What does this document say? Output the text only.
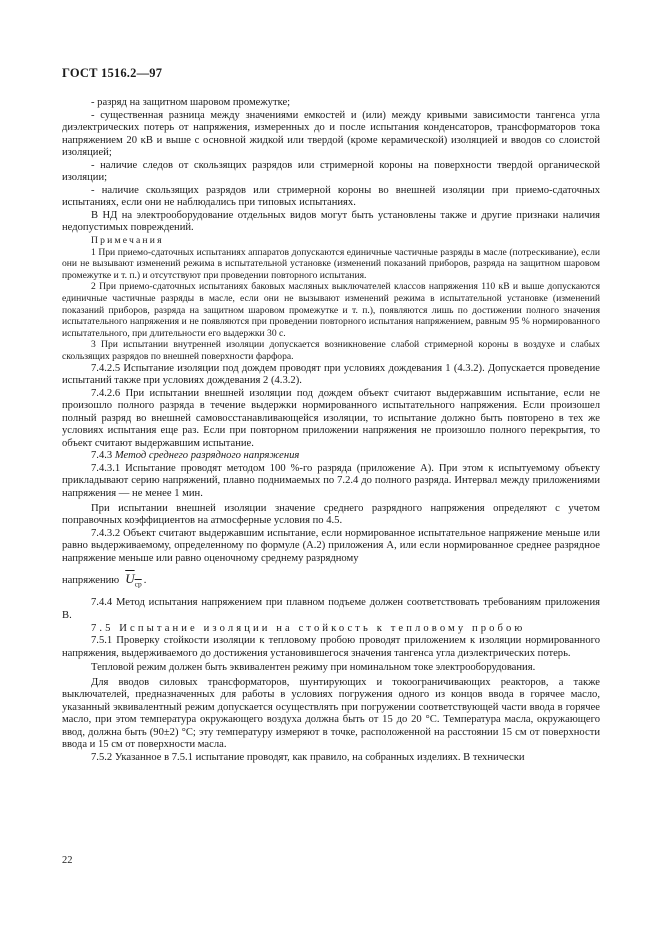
ГОСТ 1516.2—97

- разряд на защитном шаровом промежутке;

- существенная разница между значениями емкостей и (или) между кривыми зависимости тангенса угла диэлектрических потерь от напряжения, измеренных до и после испытания конденсаторов, трансформаторов тока напряжением 20 кВ и выше с основной жидкой или твердой (кроме керамической) изоляцией и вводов со слоистой изоляцией;

- наличие следов от скользящих разрядов или стримерной короны на поверхности твердой органической изоляции;

- наличие скользящих разрядов или стримерной короны во внешней изоляции при приемо-сдаточных испытаниях, если они не наблюдались при типовых испытаниях.

В НД на электрооборудование отдельных видов могут быть установлены также и другие признаки наличия недопустимых повреждений.

Примечания

1 При приемо-сдаточных испытаниях аппаратов допускаются единичные частичные разряды в масле (потрескивание), если они не вызывают изменений режима в испытательной установке (изменений показаний приборов, разряда на защитном шаровом промежутке и т. п.) и отсутствуют при проведении повторного испытания.

2 При приемо-сдаточных испытаниях баковых масляных выключателей классов напряжения 110 кВ и выше допускаются единичные частичные разряды в масле, если они не вызывают изменений режима в испытательной установке (изменений показаний приборов, разряда на защитном шаровом промежутке и т. п.), появляются лишь по достижении полного значения испытательного напряжения и не появляются при проведении повторного испытания напряжением, равным 95 % нормированного испытательного, при длительности его выдержки 30 с.

3 При испытании внутренней изоляции допускается возникновение слабой стримерной короны в воздухе и слабых скользящих разрядов по внешней поверхности фарфора.

7.4.2.5 Испытание изоляции под дождем проводят при условиях дождевания 1 (4.3.2). Допускается проведение испытаний также при условиях дождевания 2 (4.3.2).

7.4.2.6 При испытании внешней изоляции под дождем объект считают выдержавшим испытание, если не произошло полного разряда в течение выдержки нормированного испытательного напряжения. Если произошел полный разряд во внешней самовосстанавливающейся изоляции, то испытание должно быть повторено в тех же условиях испытания еще раз. Если при повторном приложении напряжения не произошло полного перекрытия, то объект считают выдержавшим испытание.

7.4.3 Метод среднего разрядного напряжения

7.4.3.1 Испытание проводят методом 100 %-го разряда (приложение А). При этом к испытуемому объекту прикладывают серию напряжений, плавно поднимаемых по 7.2.4 до полного разряда. Интервал между приложениями напряжения — не менее 1 мин.

При испытании внешней изоляции значение среднего разрядного напряжения определяют с учетом поправочных коэффициентов на атмосферные условия по 4.5.

7.4.3.2 Объект считают выдержавшим испытание, если нормированное испытательное напряжение меньше или равно выдерживаемому, определенному по формуле (А.2) приложения А, или если нормированное среднее разрядное напряжение меньше или равно оценочному среднему разрядному

напряжению $U_{ср}$ .

7.4.4 Метод испытания напряжением при плавном подъеме должен соответствовать требованиям приложения В.

7.5 Испытание изоляции на стойкость к тепловому пробою

7.5.1 Проверку стойкости изоляции к тепловому пробою проводят приложением к изоляции нормированного напряжения, выдерживаемого до достижения установившегося значения тангенса угла диэлектрических потерь.

Тепловой режим должен быть эквивалентен режиму при номинальном токе электрооборудования.

Для вводов силовых трансформаторов, шунтирующих и токоограничивающих реакторов, а также выключателей, предназначенных для работы в условиях погружения одного из концов ввода в горячее масло, указанный эквивалентный режим допускается осуществлять при погружении соответствующей части ввода в горячее масло, при этом температура окружающего воздуха должна быть от 15 до 20 °С. Температура масла, окружающего ввод, должна быть (90±2) °С; эту температуру измеряют в точке, расположенной на расстоянии 15 см от поверхности ввода и 15 см от поверхности масла.

7.5.2 Указанное в 7.5.1 испытание проводят, как правило, на собранных изделиях. В технически

22
